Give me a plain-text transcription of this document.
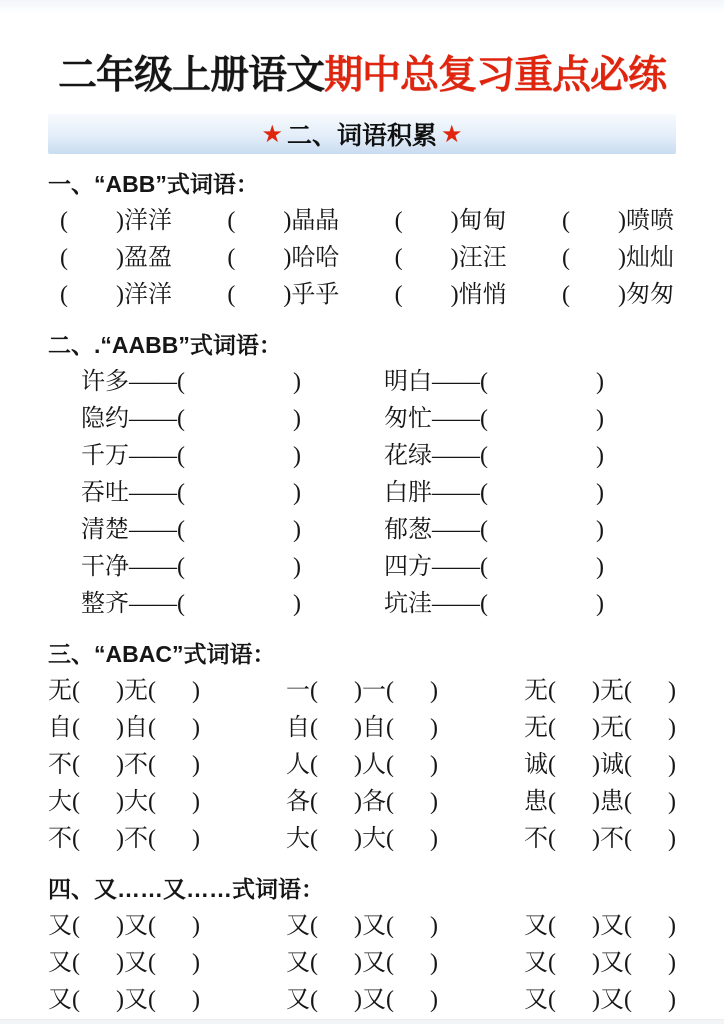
二年级上册语文期中总复习重点必练
★ 二、词语积累 ★
一、“ABB”式词语：
(        )洋洋 (        )晶晶 (        )甸甸 (        )喷喷
(        )盈盈 (        )哈哈 (        )汪汪 (        )灿灿
(        )洋洋 (        )乎乎 (        )悄悄 (        )匆匆
二、.“AABB”式词语：
许多——(                  )	明白——(                  )
隐约——(                  )	匆忙——(                  )
千万——(                  )	花绿——(                  )
吞吐——(                  )	白胖——(                  )
清楚——(                  )	郁葱——(                  )
干净——(                  )	四方——(                  )
整齐——(                  )	坑洼——(                  )
三、“ABAC”式词语：
无(      )无(      )	一(      )一(      )	无(      )无(      )
自(      )自(      )	自(      )自(      )	无(      )无(      )
不(      )不(      )	人(      )人(      )	诚(      )诚(      )
大(      )大(      )	各(      )各(      )	患(      )患(      )
不(      )不(      )	大(      )大(      )	不(      )不(      )
四、又……又……式词语：
又(      )又(      )	又(      )又(      )	又(      )又(      )
又(      )又(      )	又(      )又(      )	又(      )又(      )
又(      )又(      )	又(      )又(      )	又(      )又(      )
